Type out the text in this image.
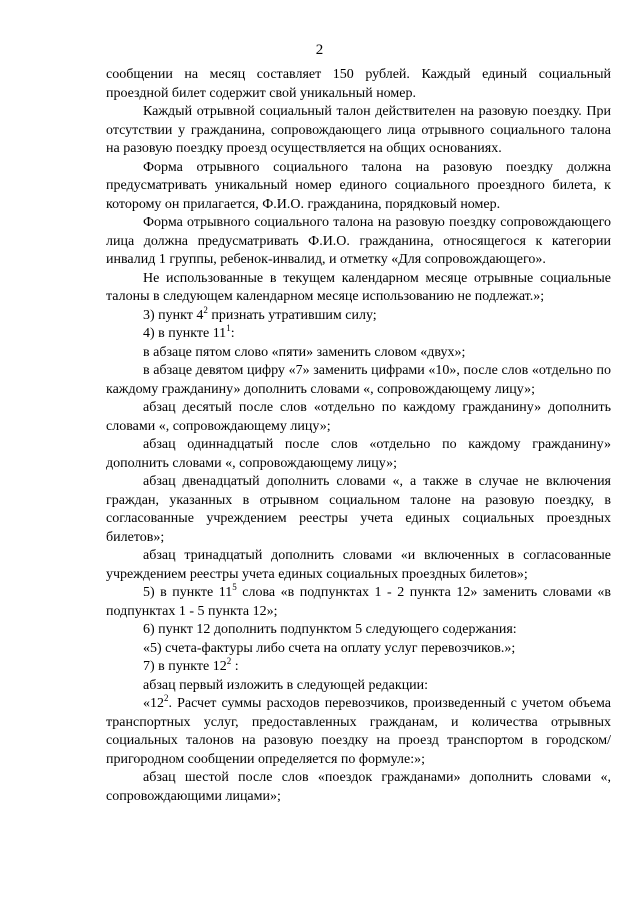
2

сообщении на месяц составляет 150 рублей. Каждый единый социальный проездной билет содержит свой уникальный номер.

Каждый отрывной социальный талон действителен на разовую поездку. При отсутствии у гражданина, сопровождающего лица отрывного социального талона на разовую поездку проезд осуществляется на общих основаниях.

Форма отрывного социального талона на разовую поездку должна предусматривать уникальный номер единого социального проездного билета, к которому он прилагается, Ф.И.О. гражданина, порядковый номер.

Форма отрывного социального талона на разовую поездку сопровождающего лица должна предусматривать Ф.И.О. гражданина, относящегося к категории инвалид 1 группы, ребенок-инвалид, и отметку «Для сопровождающего».

Не использованные в текущем календарном месяце отрывные социальные талоны в следующем календарном месяце использованию не подлежат.»;

3) пункт $4^2$ признать утратившим силу;

4) в пункте $11^1$:

в абзаце пятом слово «пяти» заменить словом «двух»;

в абзаце девятом цифру «7» заменить цифрами «10», после слов «отдельно по каждому гражданину» дополнить словами «, сопровождающему лицу»;

абзац десятый после слов «отдельно по каждому гражданину» дополнить словами «, сопровождающему лицу»;

абзац одиннадцатый после слов «отдельно по каждому гражданину» дополнить словами «, сопровождающему лицу»;

абзац двенадцатый дополнить словами «, а также в случае не включения граждан, указанных в отрывном социальном талоне на разовую поездку, в согласованные учреждением реестры учета единых социальных проездных билетов»;

абзац тринадцатый дополнить словами «и включенных в согласованные учреждением реестры учета единых социальных проездных билетов»;

5) в пункте $11^5$ слова «в подпунктах 1 - 2 пункта 12» заменить словами «в подпунктах 1 - 5 пункта 12»;

6) пункт 12 дополнить подпунктом 5 следующего содержания:

«5) счета-фактуры либо счета на оплату услуг перевозчиков.»;

7) в пункте $12^2$ :

абзац первый изложить в следующей редакции:

«$12^2$. Расчет суммы расходов перевозчиков, произведенный с учетом объема транспортных услуг, предоставленных гражданам, и количества отрывных социальных талонов на разовую поездку на проезд транспортом в городском/пригородном сообщении определяется по формуле:»;

абзац шестой после слов «поездок гражданами» дополнить словами «, сопровождающими лицами»;
